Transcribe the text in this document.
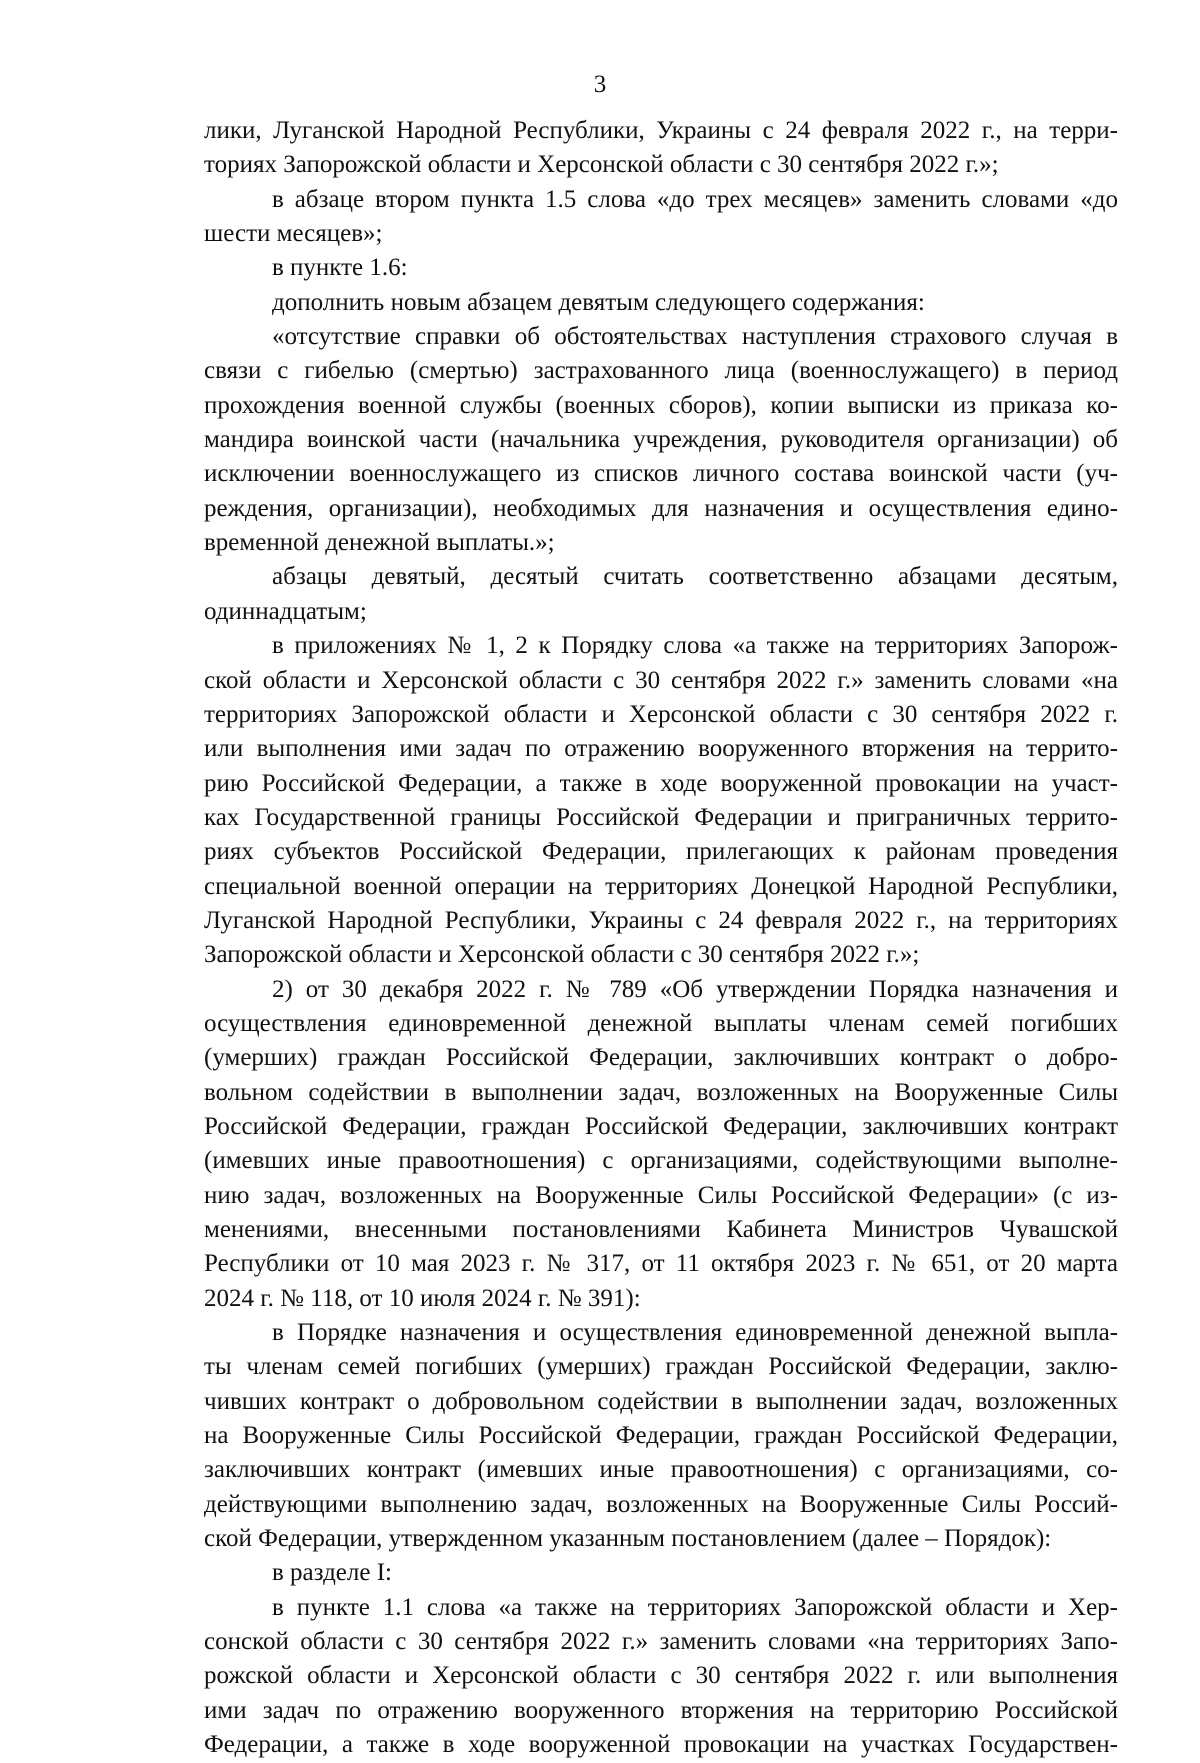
3
лики, Луганской Народной Республики, Украины с 24 февраля 2022 г., на терри-
ториях Запорожской области и Херсонской области с 30 сентября 2022 г.»;
в абзаце втором пункта 1.5 слова «до трех месяцев» заменить словами «до
шести месяцев»;
в пункте 1.6:
дополнить новым абзацем девятым следующего содержания:
«отсутствие справки об обстоятельствах наступления страхового случая в
связи с гибелью (смертью) застрахованного лица (военнослужащего) в период
прохождения военной службы (военных сборов), копии выписки из приказа ко-
мандира воинской части (начальника учреждения, руководителя организации) об
исключении военнослужащего из списков личного состава воинской части (уч-
реждения, организации), необходимых для назначения и осуществления едино-
временной денежной выплаты.»;
абзацы девятый, десятый считать соответственно абзацами десятым,
одиннадцатым;
в приложениях № 1, 2 к Порядку слова «а также на территориях Запорож-
ской области и Херсонской области с 30 сентября 2022 г.» заменить словами «на
территориях Запорожской области и Херсонской области с 30 сентября 2022 г.
или выполнения ими задач по отражению вооруженного вторжения на террито-
рию Российской Федерации, а также в ходе вооруженной провокации на участ-
ках Государственной границы Российской Федерации и приграничных террито-
риях субъектов Российской Федерации, прилегающих к районам проведения
специальной военной операции на территориях Донецкой Народной Республики,
Луганской Народной Республики, Украины с 24 февраля 2022 г., на территориях
Запорожской области и Херсонской области с 30 сентября 2022 г.»;
2) от 30 декабря 2022 г. № 789 «Об утверждении Порядка назначения и
осуществления единовременной денежной выплаты членам семей погибших
(умерших) граждан Российской Федерации, заключивших контракт о добро-
вольном содействии в выполнении задач, возложенных на Вооруженные Силы
Российской Федерации, граждан Российской Федерации, заключивших контракт
(имевших иные правоотношения) с организациями, содействующими выполне-
нию задач, возложенных на Вооруженные Силы Российской Федерации» (с из-
менениями, внесенными постановлениями Кабинета Министров Чувашской
Республики от 10 мая 2023 г. № 317, от 11 октября 2023 г. № 651, от 20 марта
2024 г. № 118, от 10 июля 2024 г. № 391):
в Порядке назначения и осуществления единовременной денежной выпла-
ты членам семей погибших (умерших) граждан Российской Федерации, заклю-
чивших контракт о добровольном содействии в выполнении задач, возложенных
на Вооруженные Силы Российской Федерации, граждан Российской Федерации,
заключивших контракт (имевших иные правоотношения) с организациями, со-
действующими выполнению задач, возложенных на Вооруженные Силы Россий-
ской Федерации, утвержденном указанным постановлением (далее – Порядок):
в разделе I:
в пункте 1.1 слова «а также на территориях Запорожской области и Хер-
сонской области с 30 сентября 2022 г.» заменить словами «на территориях Запо-
рожской области и Херсонской области с 30 сентября 2022 г. или выполнения
ими задач по отражению вооруженного вторжения на территорию Российской
Федерации, а также в ходе вооруженной провокации на участках Государствен-
